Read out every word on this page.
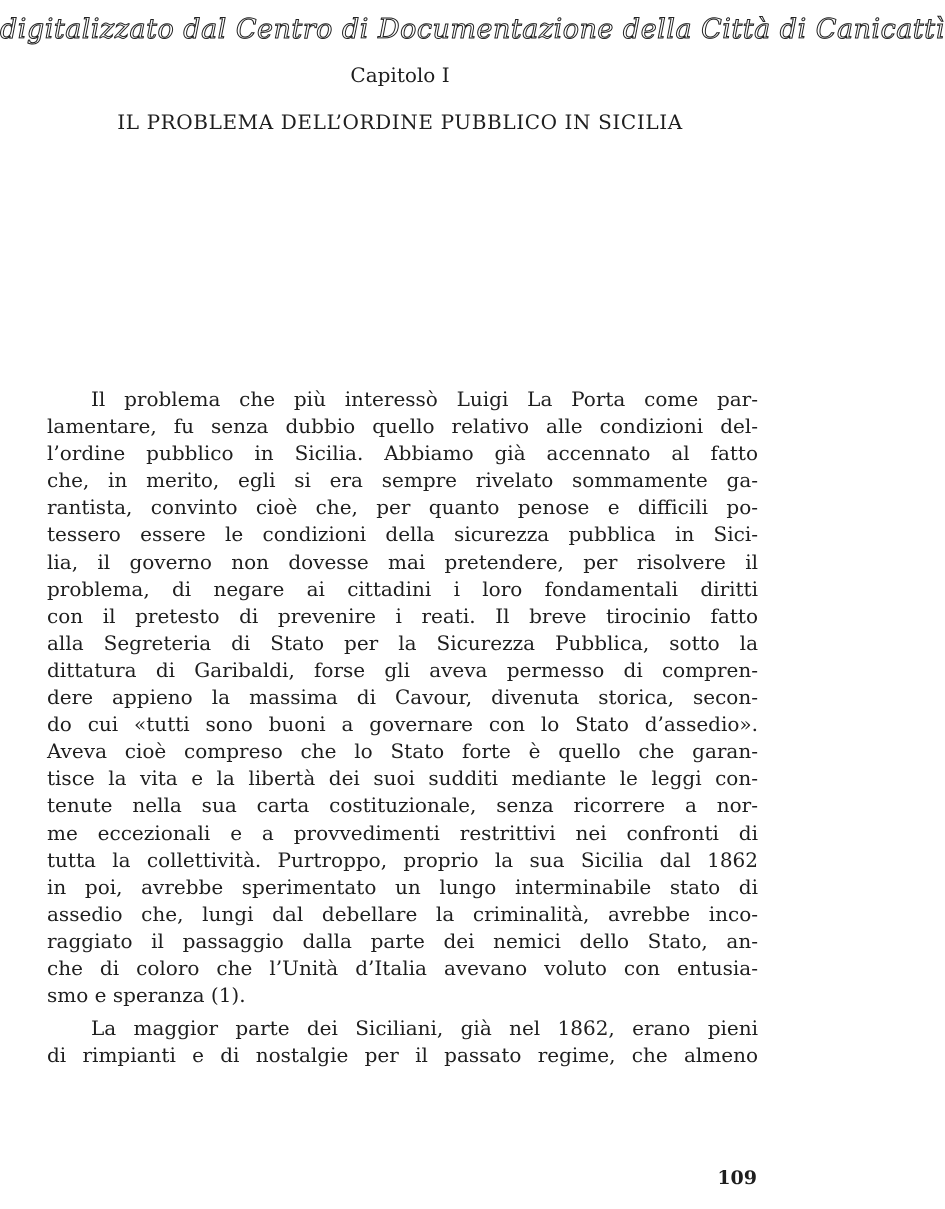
digitalizzato dal Centro di Documentazione della Città di Canicattì
Capitolo I
IL PROBLEMA DELL’ORDINE PUBBLICO IN SICILIA
Il problema che più interessò Luigi La Porta come par-
lamentare, fu senza dubbio quello relativo alle condizioni del-
l’ordine pubblico in Sicilia. Abbiamo già accennato al fatto
che, in merito, egli si era sempre rivelato sommamente ga-
rantista, convinto cioè che, per quanto penose e difficili po-
tessero essere le condizioni della sicurezza pubblica in Sici-
lia, il governo non dovesse mai pretendere, per risolvere il
problema, di negare ai cittadini i loro fondamentali diritti
con il pretesto di prevenire i reati. Il breve tirocinio fatto
alla Segreteria di Stato per la Sicurezza Pubblica, sotto la
dittatura di Garibaldi, forse gli aveva permesso di compren-
dere appieno la massima di Cavour, divenuta storica, secon-
do cui «tutti sono buoni a governare con lo Stato d’assedio».
Aveva cioè compreso che lo Stato forte è quello che garan-
tisce la vita e la libertà dei suoi sudditi mediante le leggi con-
tenute nella sua carta costituzionale, senza ricorrere a nor-
me eccezionali e a provvedimenti restrittivi nei confronti di
tutta la collettività. Purtroppo, proprio la sua Sicilia dal 1862
in poi, avrebbe sperimentato un lungo interminabile stato di
assedio che, lungi dal debellare la criminalità, avrebbe inco-
raggiato il passaggio dalla parte dei nemici dello Stato, an-
che di coloro che l’Unità d’Italia avevano voluto con entusia-
smo e speranza (1).
La maggior parte dei Siciliani, già nel 1862, erano pieni
di rimpianti e di nostalgie per il passato regime, che almeno
109
